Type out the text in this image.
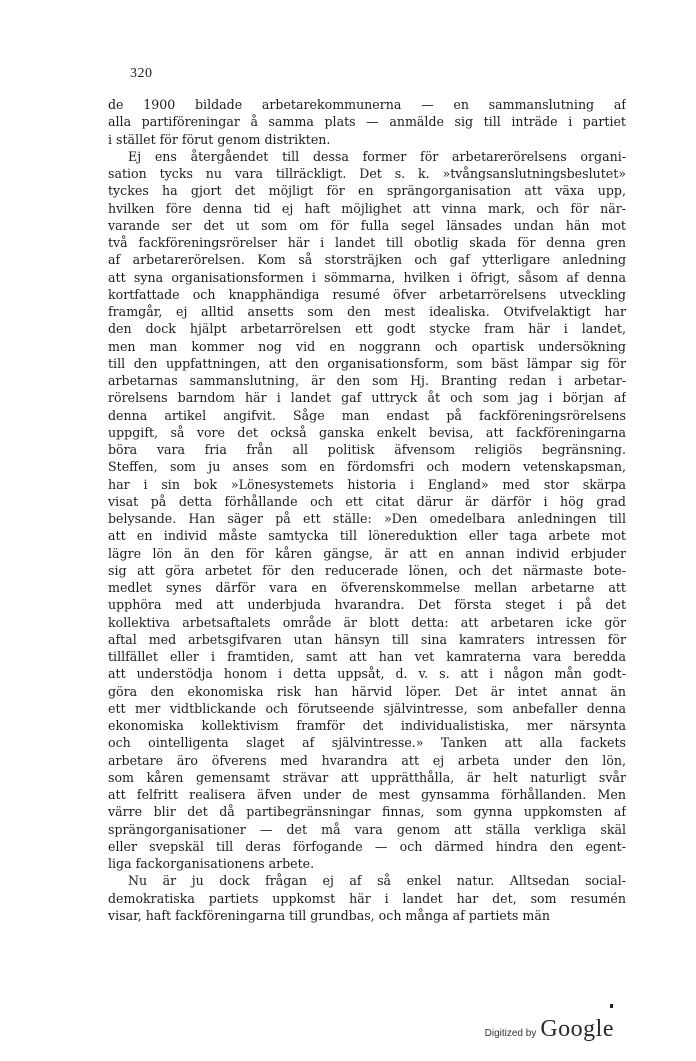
320
de 1900 bildade arbetarekommunerna — en sammanslutning af
alla partiföreningar å samma plats — anmälde sig till inträde i partiet
i stället för förut genom distrikten.
Ej ens återgåendet till dessa former för arbetarerörelsens organi-
sation tycks nu vara tillräckligt. Det s. k. »tvångsanslutningsbeslutet»
tyckes ha gjort det möjligt för en sprängorganisation att växa upp,
hvilken före denna tid ej haft möjlighet att vinna mark, och för när-
varande ser det ut som om för fulla segel länsades undan hän mot
två fackföreningsrörelser här i landet till obotlig skada för denna gren
af arbetarerörelsen. Kom så storsträjken och gaf ytterligare anledning
att syna organisationsformen i sömmarna, hvilken i öfrigt, såsom af denna
kortfattade och knapphändiga resumé öfver arbetarrörelsens utveckling
framgår, ej alltid ansetts som den mest idealiska. Otvifvelaktigt har
den dock hjälpt arbetarrörelsen ett godt stycke fram här i landet,
men man kommer nog vid en noggrann och opartisk undersökning
till den uppfattningen, att den organisationsform, som bäst lämpar sig för
arbetarnas sammanslutning, är den som Hj. Branting redan i arbetar-
rörelsens barndom här i landet gaf uttryck åt och som jag i början af
denna artikel angifvit. Såge man endast på fackföreningsrörelsens
uppgift, så vore det också ganska enkelt bevisa, att fackföreningarna
böra vara fria från all politisk äfvensom religiös begränsning.
Steffen, som ju anses som en fördomsfri och modern vetenskapsman,
har i sin bok »Lönesystemets historia i England» med stor skärpa
visat på detta förhållande och ett citat därur är därför i hög grad
belysande. Han säger på ett ställe: »Den omedelbara anledningen till
att en individ måste samtycka till lönereduktion eller taga arbete mot
lägre lön än den för kåren gängse, är att en annan individ erbjuder
sig att göra arbetet för den reducerade lönen, och det närmaste bote-
medlet synes därför vara en öfverenskommelse mellan arbetarne att
upphöra med att underbjuda hvarandra. Det första steget i på det
kollektiva arbetsaftalets område är blott detta: att arbetaren icke gör
aftal med arbetsgifvaren utan hänsyn till sina kamraters intressen för
tillfället eller i framtiden, samt att han vet kamraterna vara beredda
att understödja honom i detta uppsåt, d. v. s. att i någon mån godt-
göra den ekonomiska risk han härvid löper. Det är intet annat än
ett mer vidtblickande och förutseende självintresse, som anbefaller denna
ekonomiska kollektivism framför det individualistiska, mer närsynta
och ointelligenta slaget af självintresse.» Tanken att alla fackets
arbetare äro öfverens med hvarandra att ej arbeta under den lön,
som kåren gemensamt strävar att upprätthålla, är helt naturligt svår
att felfritt realisera äfven under de mest gynsamma förhållanden. Men
värre blir det då partibegränsningar finnas, som gynna uppkomsten af
sprängorganisationer — det må vara genom att ställa verkliga skäl
eller svepskäl till deras förfogande — och därmed hindra den egent-
liga fackorganisationens arbete.
Nu är ju dock frågan ej af så enkel natur. Alltsedan social-
demokratiska partiets uppkomst här i landet har det, som resumén
visar, haft fackföreningarna till grundbas, och många af partiets män
Digitized by Google
